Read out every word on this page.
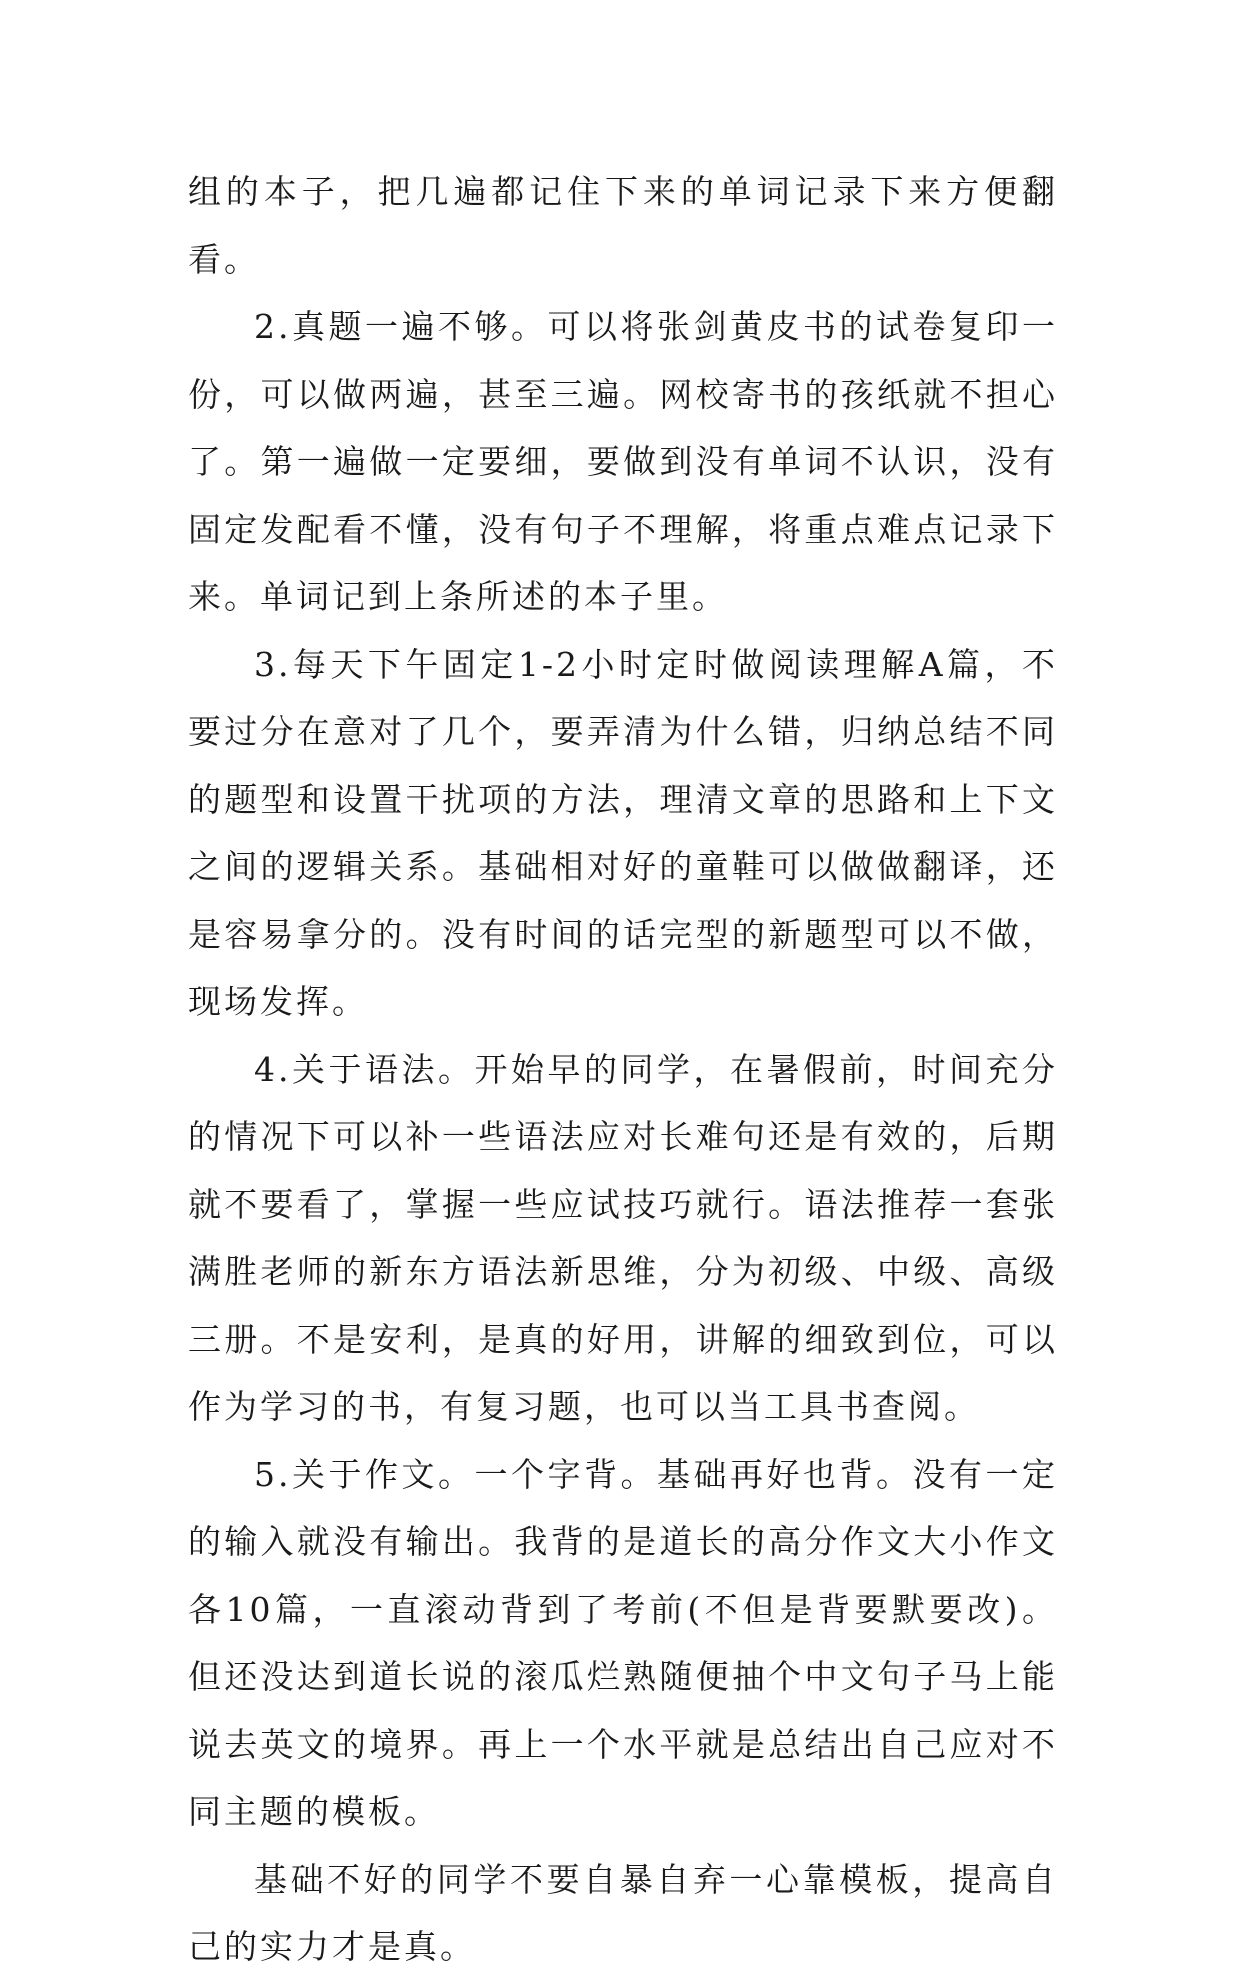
组的本子，把几遍都记住下来的单词记录下来方便翻看。

2.真题一遍不够。可以将张剑黄皮书的试卷复印一份，可以做两遍，甚至三遍。网校寄书的孩纸就不担心了。第一遍做一定要细，要做到没有单词不认识，没有固定发配看不懂，没有句子不理解，将重点难点记录下来。单词记到上条所述的本子里。

3.每天下午固定1-2小时定时做阅读理解A篇，不要过分在意对了几个，要弄清为什么错，归纳总结不同的题型和设置干扰项的方法，理清文章的思路和上下文之间的逻辑关系。基础相对好的童鞋可以做做翻译，还是容易拿分的。没有时间的话完型的新题型可以不做，现场发挥。

4.关于语法。开始早的同学，在暑假前，时间充分的情况下可以补一些语法应对长难句还是有效的，后期就不要看了，掌握一些应试技巧就行。语法推荐一套张满胜老师的新东方语法新思维，分为初级、中级、高级三册。不是安利，是真的好用，讲解的细致到位，可以作为学习的书，有复习题，也可以当工具书查阅。

5.关于作文。一个字背。基础再好也背。没有一定的输入就没有输出。我背的是道长的高分作文大小作文各10篇，一直滚动背到了考前(不但是背要默要改)。但还没达到道长说的滚瓜烂熟随便抽个中文句子马上能说去英文的境界。再上一个水平就是总结出自己应对不同主题的模板。

基础不好的同学不要自暴自弃一心靠模板，提高自己的实力才是真。
